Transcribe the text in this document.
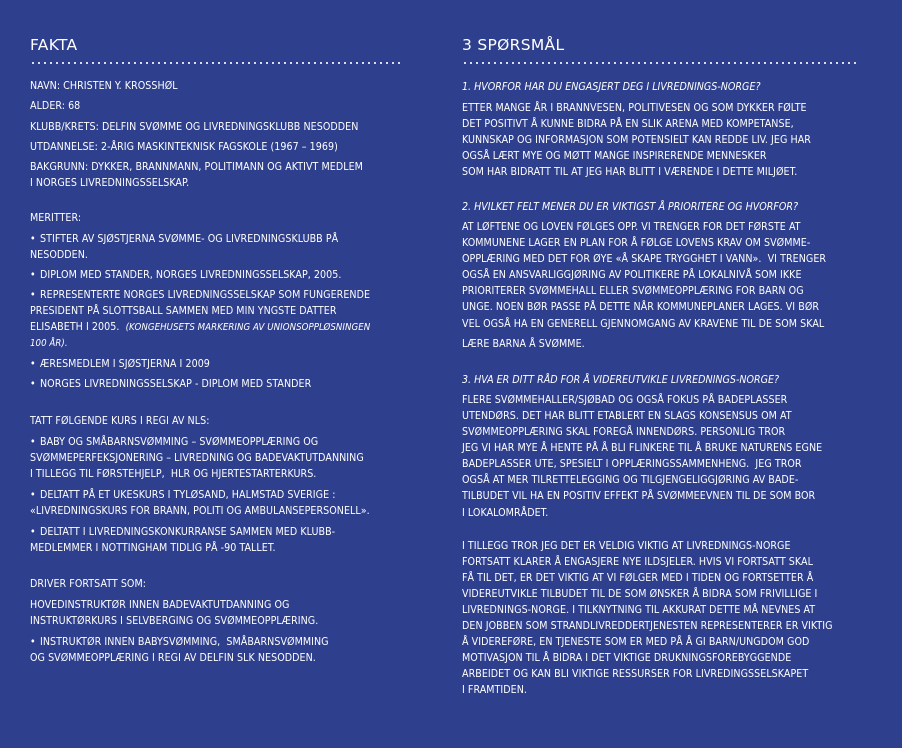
FAKTA
NAVN: CHRISTEN Y. KROSSHØL
ALDER: 68
KLUBB/KRETS: DELFIN SVØMME OG LIVREDNINGSKLUBB NESODDEN
UTDANNELSE: 2-ÅRIG MASKINTEKNISK FAGSKOLE (1967 – 1969)
BAKGRUNN: DYKKER, BRANNMANN, POLITIMANN OG AKTIVT MEDLEM
I NORGES LIVREDNINGSSELSKAP.
MERITTER:
• STIFTER AV SJØSTJERNA SVØMME- OG LIVREDNINGSKLUBB PÅ
NESODDEN.
• DIPLOM MED STANDER, NORGES LIVREDNINGSSELSKAP, 2005.
• REPRESENTERTE NORGES LIVREDNINGSSELSKAP SOM FUNGERENDE
PRESIDENT PÅ SLOTTSBALL SAMMEN MED MIN YNGSTE DATTER
ELISABETH I 2005. (KONGEHUSETS MARKERING AV UNIONSOPPLØSNINGEN
100 ÅR).
• ÆRESMEDLEM I SJØSTJERNA I 2009
• NORGES LIVREDNINGSSELSKAP - DIPLOM MED STANDER
TATT FØLGENDE KURS I REGI AV NLS:
• BABY OG SMÅBARNSVØMMING – SVØMMEOPPLÆRING OG
SVØMMEPERFEKSJONERING – LIVREDNING OG BADEVAKTUTDANNING
I TILLEGG TIL FØRSTEHJELP,  HLR OG HJERTESTARTERKURS.
• DELTATT PÅ ET UKESKURS I TYLØSAND, HALMSTAD SVERIGE :
«LIVREDNINGSKURS FOR BRANN, POLITI OG AMBULANSEPERSONELL».
• DELTATT I LIVREDNINGSKONKURRANSE SAMMEN MED KLUBB-
MEDLEMMER I NOTTINGHAM TIDLIG PÅ -90 TALLET.
DRIVER FORTSATT SOM:
HOVEDINSTRUKTØR INNEN BADEVAKTUTDANNING OG
INSTRUKTØRKURS I SELVBERGING OG SVØMMEOPPLÆRING.
• INSTRUKTØR INNEN BABYSVØMMING,  SMÅBARNSVØMMING
OG SVØMMEOPPLÆRING I REGI AV DELFIN SLK NESODDEN.
3 SPØRSMÅL
1. HVORFOR HAR DU ENGASJERT DEG I LIVREDNINGS-NORGE?
ETTER MANGE ÅR I BRANNVESEN, POLITIVESEN OG SOM DYKKER FØLTE
DET POSITIVT Å KUNNE BIDRA PÅ EN SLIK ARENA MED KOMPETANSE,
KUNNSKAP OG INFORMASJON SOM POTENSIELT KAN REDDE LIV. JEG HAR
OGSÅ LÆRT MYE OG MØTT MANGE INSPIRERENDE MENNESKER
SOM HAR BIDRATT TIL AT JEG HAR BLITT I VÆRENDE I DETTE MILJØET.
2. HVILKET FELT MENER DU ER VIKTIGST Å PRIORITERE OG HVORFOR?
AT LØFTENE OG LOVEN FØLGES OPP. VI TRENGER FOR DET FØRSTE AT
KOMMUNENE LAGER EN PLAN FOR Å FØLGE LOVENS KRAV OM SVØMME-
OPPLÆRING MED DET FOR ØYE «Å SKAPE TRYGGHET I VANN».  VI TRENGER
OGSÅ EN ANSVARLIGGJØRING AV POLITIKERE PÅ LOKALNIVÅ SOM IKKE
PRIORITERER SVØMMEHALL ELLER SVØMMEOPPLÆRING FOR BARN OG
UNGE. NOEN BØR PASSE PÅ DETTE NÅR KOMMUNEPLANER LAGES. VI BØR
VEL OGSÅ HA EN GENERELL GJENNOMGANG AV KRAVENE TIL DE SOM SKAL
LÆRE BARNA Å SVØMME.
3. HVA ER DITT RÅD FOR Å VIDEREUTVIKLE LIVREDNINGS-NORGE?
FLERE SVØMMEHALLER/SJØBAD OG OGSÅ FOKUS PÅ BADEPLASSER
UTENDØRS. DET HAR BLITT ETABLERT EN SLAGS KONSENSUS OM AT
SVØMMEOPPLÆRING SKAL FOREGÅ INNENDØRS. PERSONLIG TROR
JEG VI HAR MYE Å HENTE PÅ Å BLI FLINKERE TIL Å BRUKE NATURENS EGNE
BADEPLASSER UTE, SPESIELT I OPPLÆRINGSSAMMENHENG.  JEG TROR
OGSÅ AT MER TILRETTELEGGING OG TILGJENGELIGGJØRING AV BADE-
TILBUDET VIL HA EN POSITIV EFFEKT PÅ SVØMMEEVNEN TIL DE SOM BOR
I LOKALOMRÅDET.
I TILLEGG TROR JEG DET ER VELDIG VIKTIG AT LIVREDNINGS-NORGE
FORTSATT KLARER Å ENGASJERE NYE ILDSJELER. HVIS VI FORTSATT SKAL
FÅ TIL DET, ER DET VIKTIG AT VI FØLGER MED I TIDEN OG FORTSETTER Å
VIDEREUTVIKLE TILBUDET TIL DE SOM ØNSKER Å BIDRA SOM FRIVILLIGE I
LIVREDNINGS-NORGE. I TILKNYTNING TIL AKKURAT DETTE MÅ NEVNES AT
DEN JOBBEN SOM STRANDLIVREDDERTJENESTEN REPRESENTERER ER VIKTIG
Å VIDEREFØRE, EN TJENESTE SOM ER MED PÅ Å GI BARN/UNGDOM GOD
MOTIVASJON TIL Å BIDRA I DET VIKTIGE DRUKNINGSFOREBYGGENDE
ARBEIDET OG KAN BLI VIKTIGE RESSURSER FOR LIVREDINGSSELSKAPET
I FRAMTIDEN.
